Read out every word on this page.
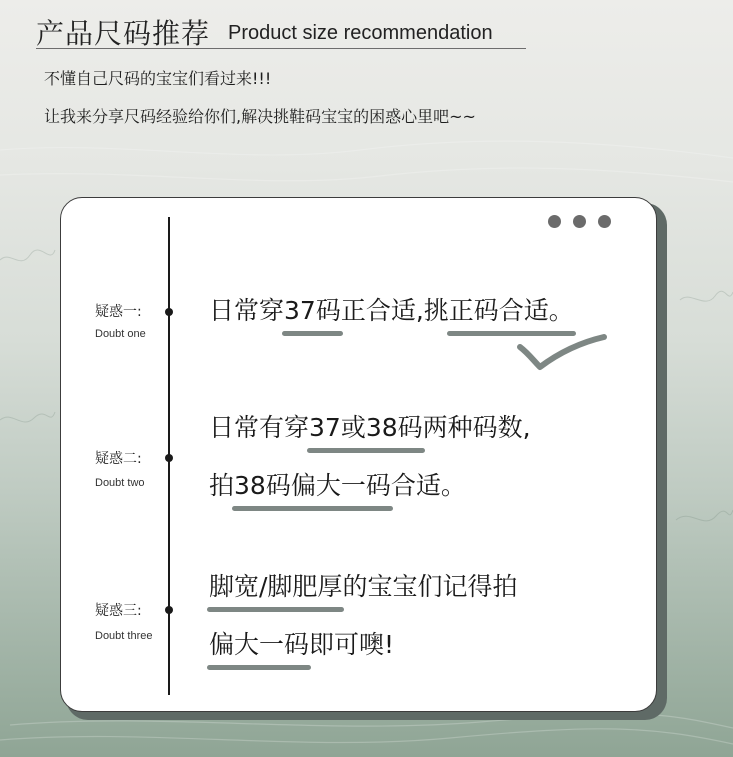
产品尺码推荐 Product size recommendation
不懂自己尺码的宝宝们看过来!!!
让我来分享尺码经验给你们,解决挑鞋码宝宝的困惑心里吧~~
疑惑一:
Doubt one
日常穿37码正合适,挑正码合适。
疑惑二:
Doubt two
日常有穿37或38码两种码数,
拍38码偏大一码合适。
疑惑三:
Doubt three
脚宽/脚肥厚的宝宝们记得拍
偏大一码即可噢!
